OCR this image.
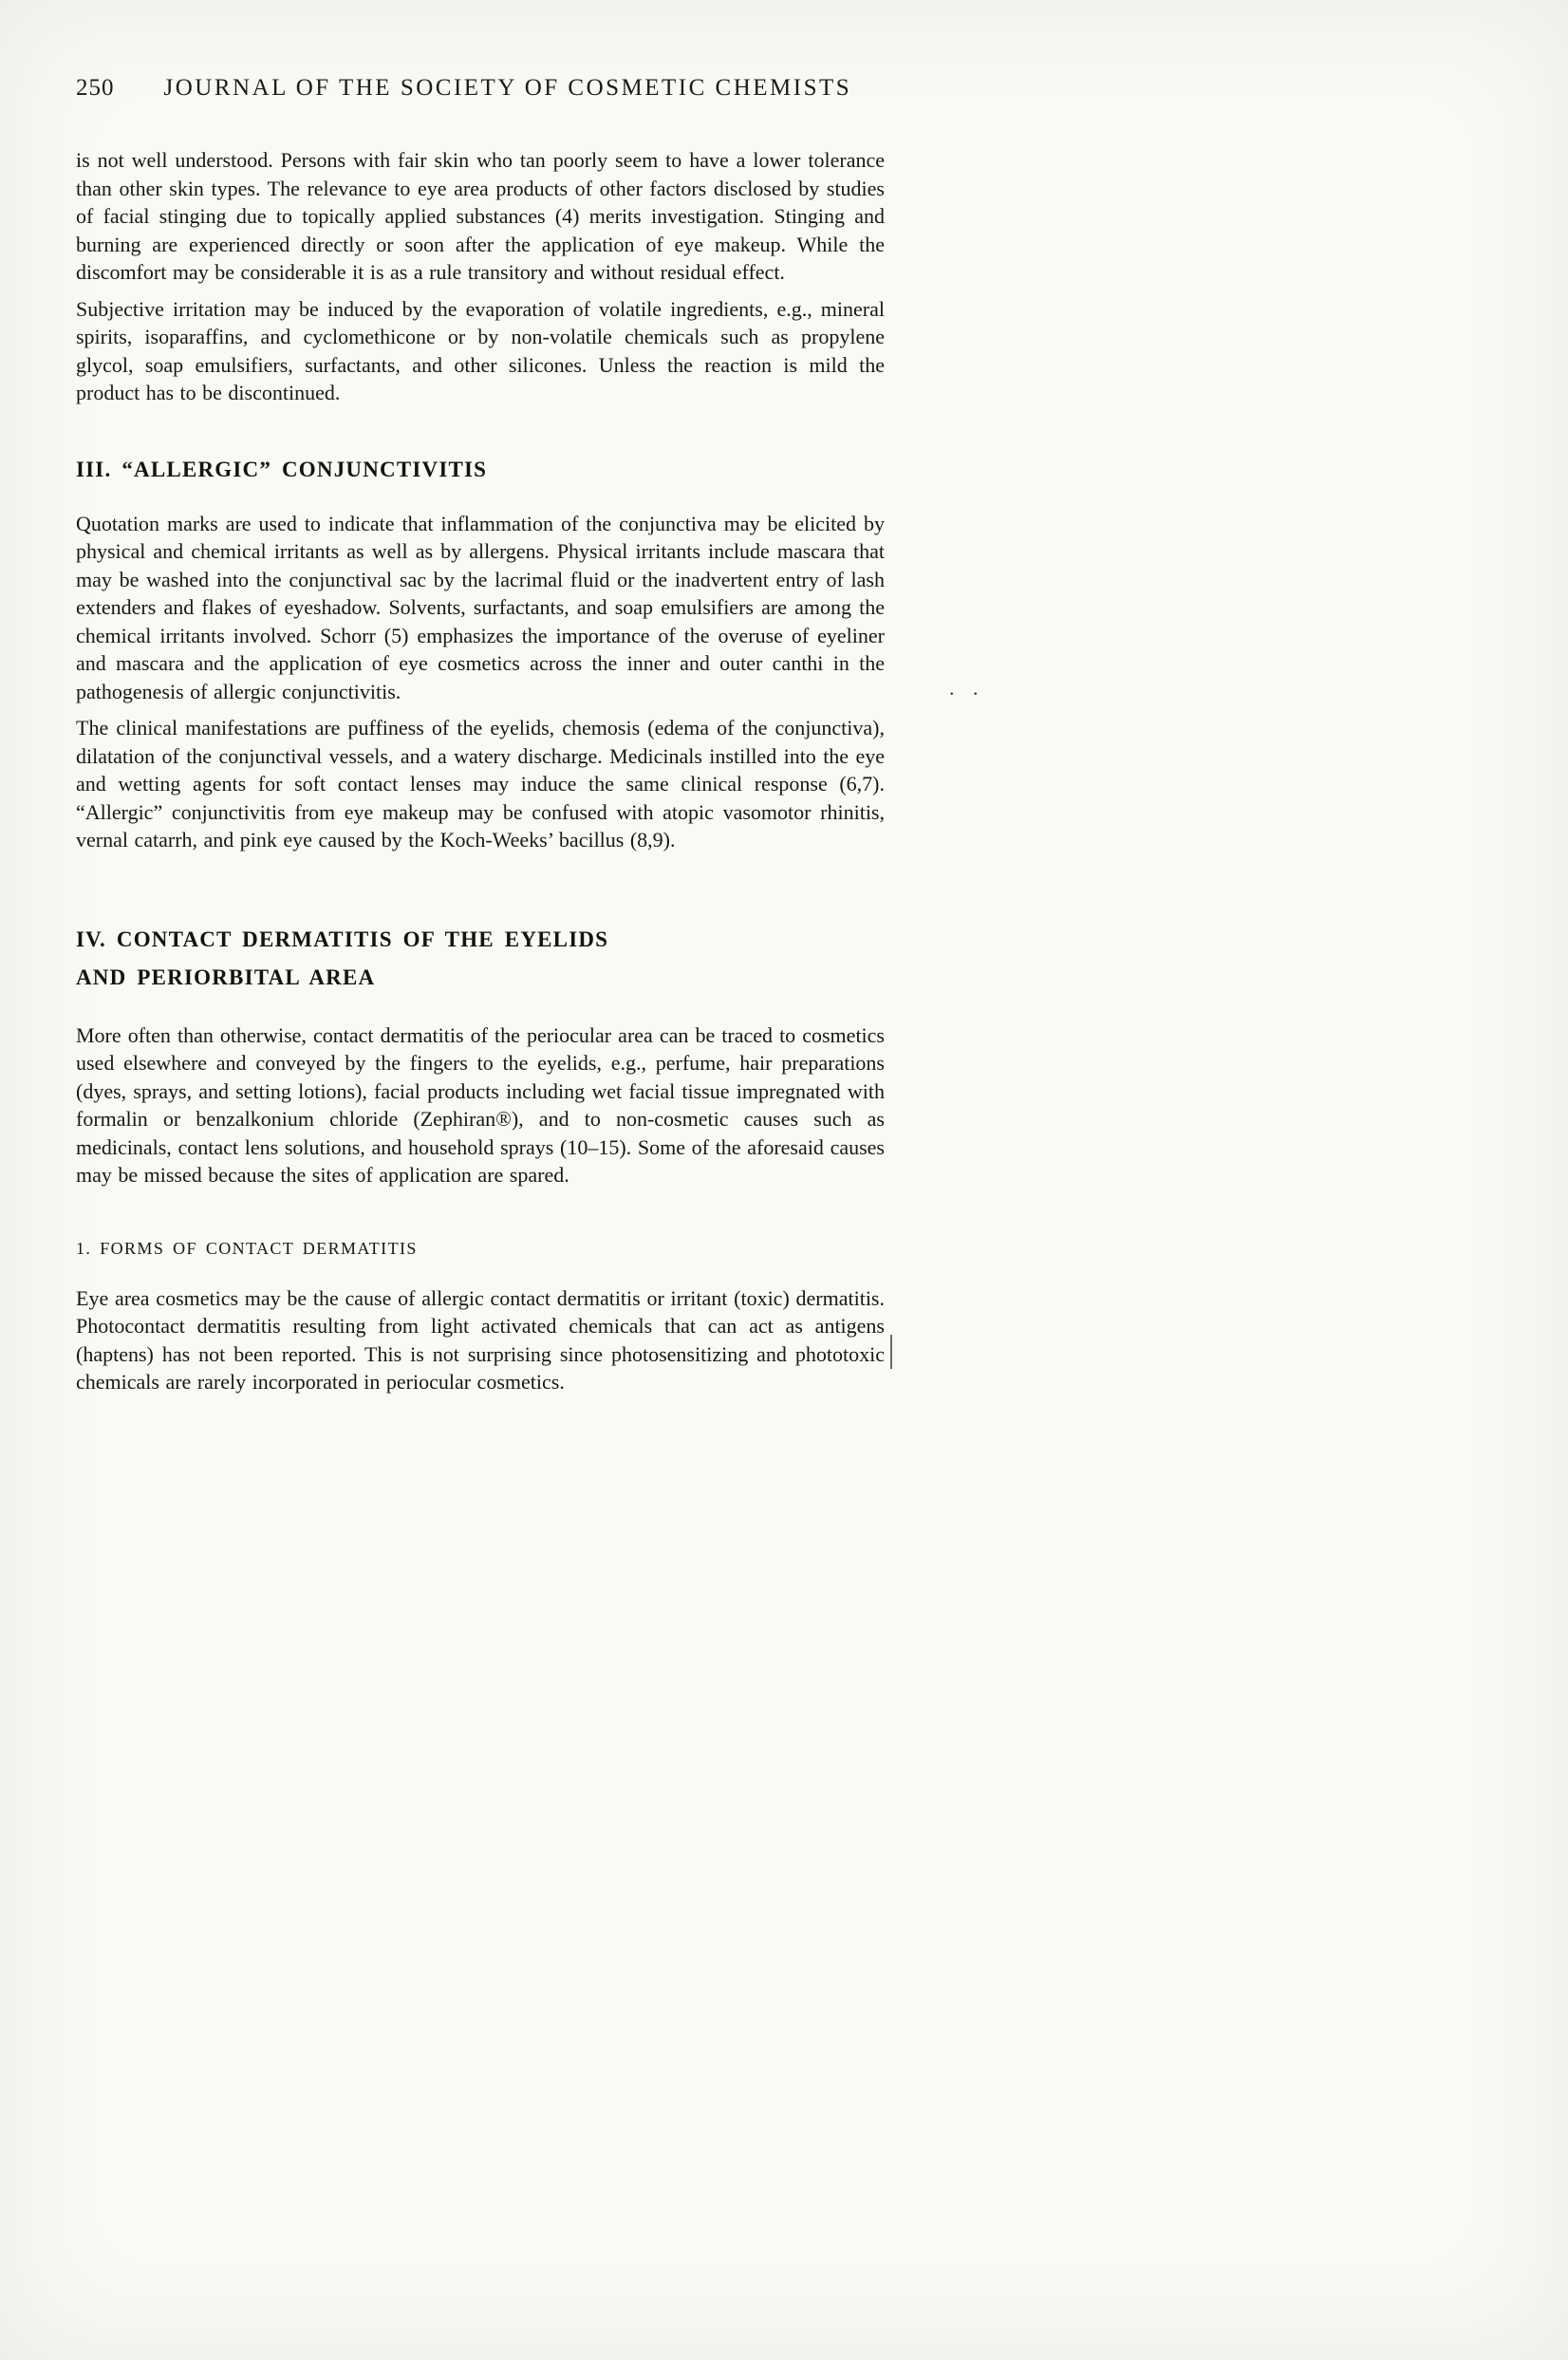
250 JOURNAL OF THE SOCIETY OF COSMETIC CHEMISTS

is not well understood. Persons with fair skin who tan poorly seem to have a lower tolerance than other skin types. The relevance to eye area products of other factors disclosed by studies of facial stinging due to topically applied substances (4) merits investigation. Stinging and burning are experienced directly or soon after the application of eye makeup. While the discomfort may be considerable it is as a rule transitory and without residual effect.

Subjective irritation may be induced by the evaporation of volatile ingredients, e.g., mineral spirits, isoparaffins, and cyclomethicone or by non-volatile chemicals such as propylene glycol, soap emulsifiers, surfactants, and other silicones. Unless the reaction is mild the product has to be discontinued.

III. “ALLERGIC” CONJUNCTIVITIS

Quotation marks are used to indicate that inflammation of the conjunctiva may be elicited by physical and chemical irritants as well as by allergens. Physical irritants include mascara that may be washed into the conjunctival sac by the lacrimal fluid or the inadvertent entry of lash extenders and flakes of eyeshadow. Solvents, surfactants, and soap emulsifiers are among the chemical irritants involved. Schorr (5) emphasizes the importance of the overuse of eyeliner and mascara and the application of eye cosmetics across the inner and outer canthi in the pathogenesis of allergic conjunctivitis.

The clinical manifestations are puffiness of the eyelids, chemosis (edema of the conjunctiva), dilatation of the conjunctival vessels, and a watery discharge. Medicinals instilled into the eye and wetting agents for soft contact lenses may induce the same clinical response (6,7). “Allergic” conjunctivitis from eye makeup may be confused with atopic vasomotor rhinitis, vernal catarrh, and pink eye caused by the Koch-Weeks’ bacillus (8,9).

IV. CONTACT DERMATITIS OF THE EYELIDS
AND PERIORBITAL AREA

More often than otherwise, contact dermatitis of the periocular area can be traced to cosmetics used elsewhere and conveyed by the fingers to the eyelids, e.g., perfume, hair preparations (dyes, sprays, and setting lotions), facial products including wet facial tissue impregnated with formalin or benzalkonium chloride (Zephiran®), and to non-cosmetic causes such as medicinals, contact lens solutions, and household sprays (10–15). Some of the aforesaid causes may be missed because the sites of application are spared.

1. FORMS OF CONTACT DERMATITIS

Eye area cosmetics may be the cause of allergic contact dermatitis or irritant (toxic) dermatitis. Photocontact dermatitis resulting from light activated chemicals that can act as antigens (haptens) has not been reported. This is not surprising since photosensitizing and phototoxic chemicals are rarely incorporated in periocular cosmetics.

. .
